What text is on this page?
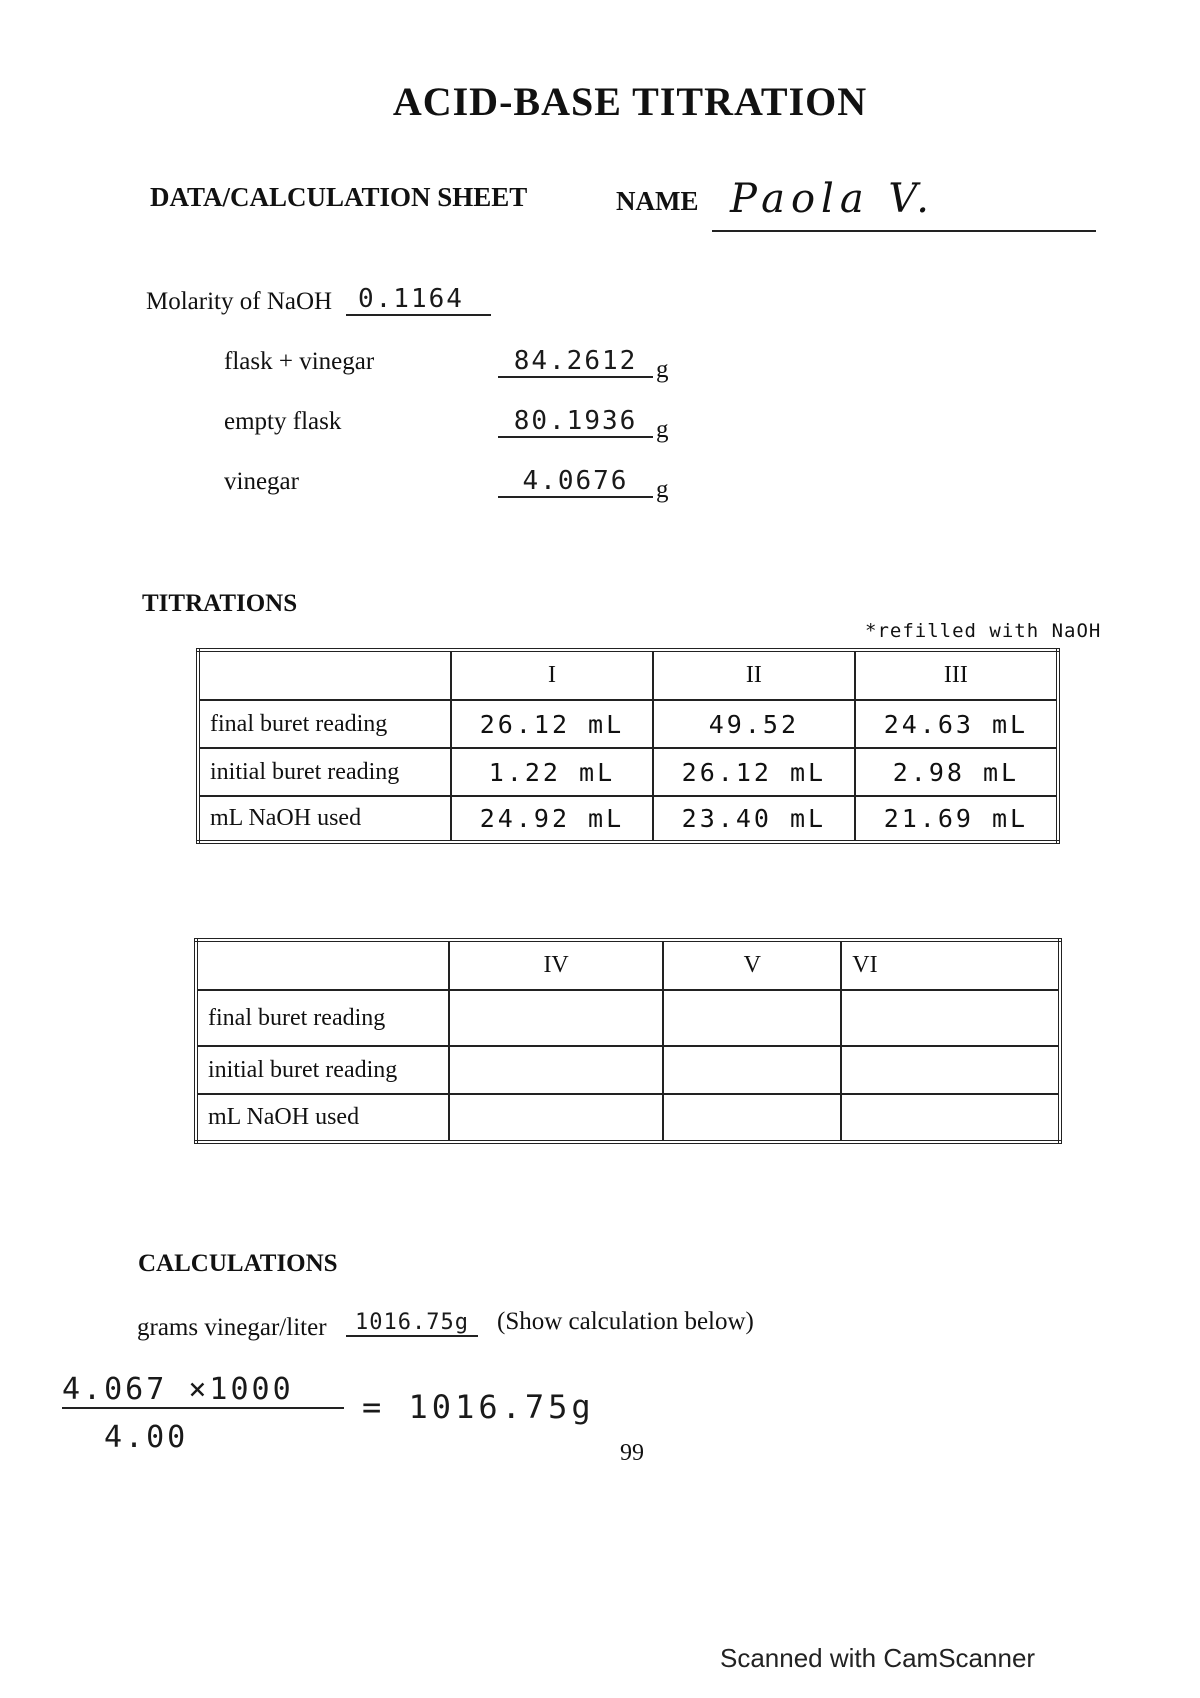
ACID-BASE TITRATION
DATA/CALCULATION SHEET	NAME Paola V.
Molarity of NaOH 0.1164
flask + vinegar	84.2612 g
empty flask	80.1936 g
vinegar	4.0676	g
TITRATIONS
*refilled with NaOH
	I	II	III
final buret reading	26.12 mL	49.52	24.63 mL
initial buret reading	1.22 mL	26.12 mL	2.98 mL
mL NaOH used	24.92 mL	23.40 mL	21.69 mL
	IV	V	VI
final buret reading			
initial buret reading			
mL NaOH used			
CALCULATIONS
grams vinegar/liter	1016.75g	(Show calculation below)
4.067 ×1000
4.00
= 1016.75g
99
Scanned with CamScanner
